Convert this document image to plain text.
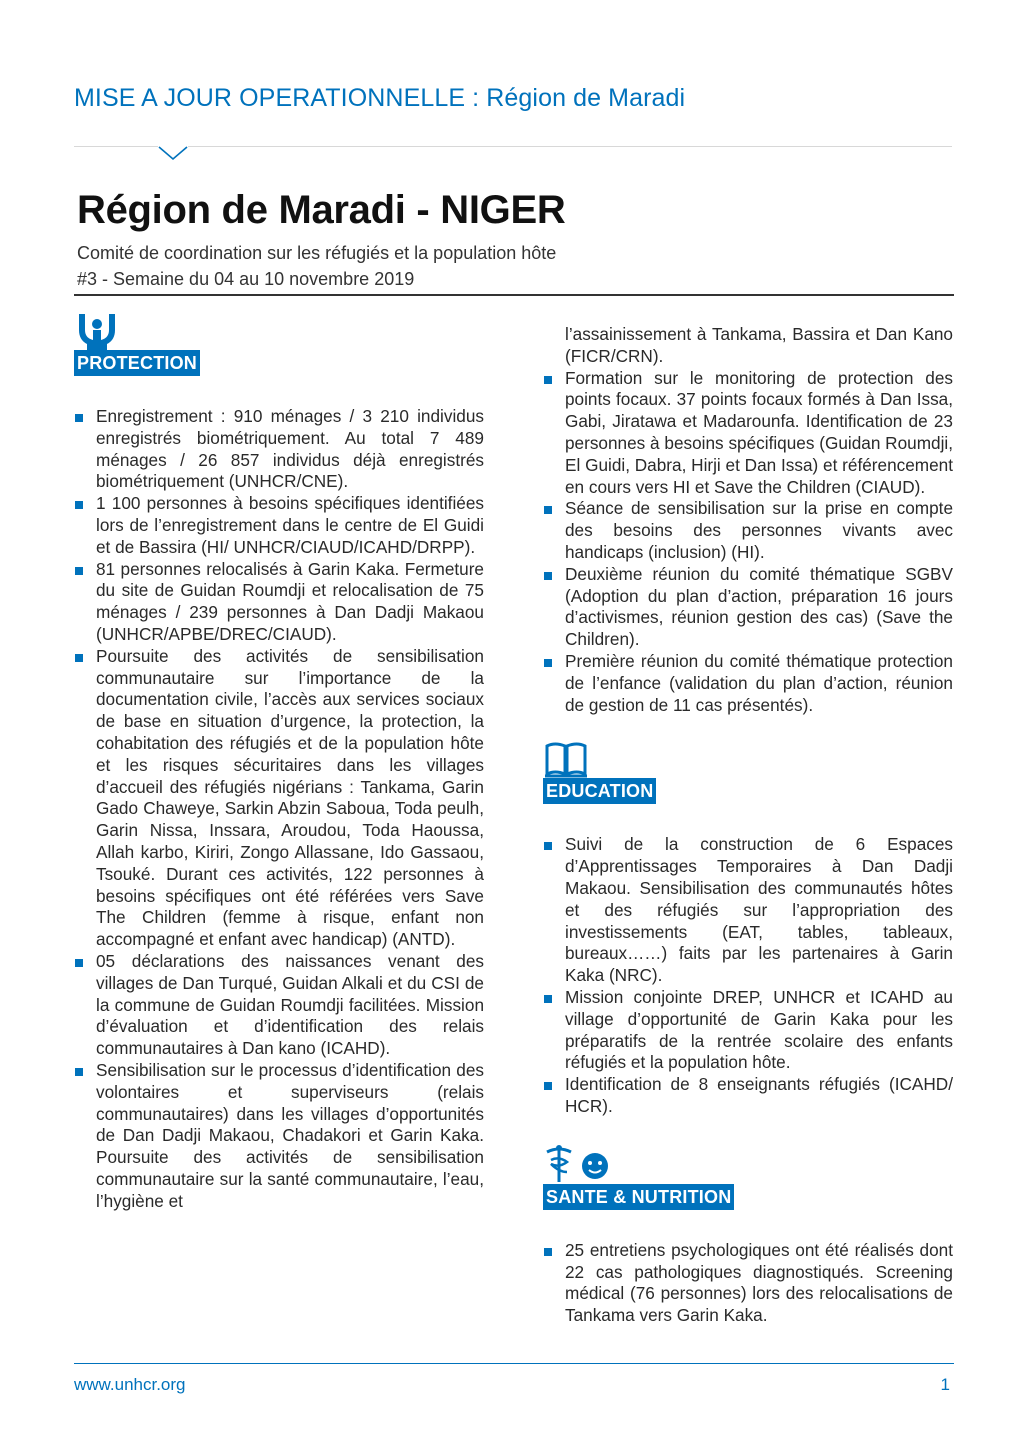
MISE A JOUR OPERATIONNELLE : Région de Maradi
Région de Maradi - NIGER
Comité de coordination sur les réfugiés et la population hôte
#3 - Semaine du 04 au 10 novembre 2019
PROTECTION
Enregistrement : 910 ménages / 3 210 individus enregistrés biométriquement. Au total 7 489 ménages / 26 857 individus déjà enregistrés biométriquement (UNHCR/CNE).
1 100 personnes à besoins spécifiques identifiées lors de l’enregistrement dans le centre de El Guidi et de Bassira (HI/ UNHCR/CIAUD/ICAHD/DRPP).
81 personnes relocalisés à Garin Kaka. Fermeture du site de Guidan Roumdji et relocalisation de 75 ménages / 239 personnes à Dan Dadji Makaou (UNHCR/APBE/DREC/CIAUD).
Poursuite des activités de sensibilisation communautaire sur l’importance de la documentation civile, l’accès aux services sociaux de base en situation d’urgence, la protection, la cohabitation des réfugiés et de la population hôte et les risques sécuritaires dans les villages d’accueil des réfugiés nigérians : Tankama, Garin Gado Chaweye, Sarkin Abzin Saboua, Toda peulh, Garin Nissa, Inssara, Aroudou, Toda Haoussa, Allah karbo, Kiriri, Zongo Allassane, Ido Gassaou, Tsouké. Durant ces activités, 122 personnes à besoins spécifiques ont été référées vers Save The Children (femme à risque, enfant non accompagné et enfant avec handicap) (ANTD).
05 déclarations des naissances venant des villages de Dan Turqué, Guidan Alkali et du CSI de la commune de Guidan Roumdji facilitées. Mission d’évaluation et d’identification des relais communautaires à Dan kano (ICAHD).
Sensibilisation sur le processus d’identification des volontaires et superviseurs (relais communautaires) dans les villages d’opportunités de Dan Dadji Makaou, Chadakori et Garin Kaka. Poursuite des activités de sensibilisation communautaire sur la santé communautaire, l’eau, l’hygiène et
l’assainissement à Tankama, Bassira et Dan Kano (FICR/CRN).
Formation sur le monitoring de protection des points focaux. 37 points focaux formés à Dan Issa, Gabi, Jiratawa et Madarounfa. Identification de 23 personnes à besoins spécifiques (Guidan Roumdji, El Guidi, Dabra, Hirji et Dan Issa) et référencement en cours vers HI et Save the Children (CIAUD).
Séance de sensibilisation sur la prise en compte des besoins des personnes vivants avec handicaps (inclusion) (HI).
Deuxième réunion du comité thématique SGBV (Adoption du plan d’action, préparation 16 jours d’activismes, réunion gestion des cas) (Save the Children).
Première réunion du comité thématique protection de l’enfance (validation du plan d’action, réunion de gestion de 11 cas présentés).
EDUCATION
Suivi de la construction de 6 Espaces d’Apprentissages Temporaires à Dan Dadji Makaou. Sensibilisation des communautés hôtes et des réfugiés sur l’appropriation des investissements (EAT, tables, tableaux, bureaux……) faits par les partenaires à Garin Kaka (NRC).
Mission conjointe DREP, UNHCR et ICAHD au village d’opportunité de Garin Kaka pour les préparatifs de la rentrée scolaire des enfants réfugiés et la population hôte.
Identification de 8 enseignants réfugiés (ICAHD/ HCR).
SANTE & NUTRITION
25 entretiens psychologiques ont été réalisés dont 22 cas pathologiques diagnostiqués. Screening médical (76 personnes) lors des relocalisations de Tankama vers Garin Kaka.
www.unhcr.org	1
